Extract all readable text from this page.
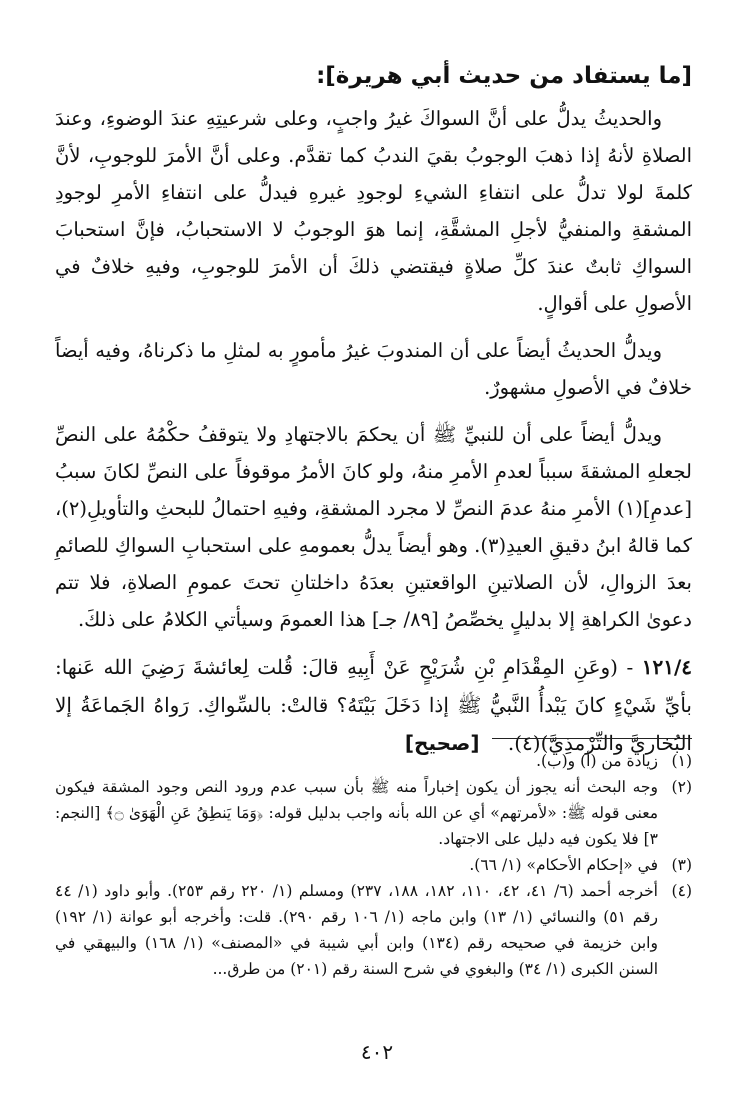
[ما يستفاد من حديث أبي هريرة]:

والحديثُ يدلُّ على أنَّ السواكَ غيرُ واجبٍ، وعلى شرعيتِهِ عندَ الوضوءِ، وعندَ الصلاةِ لأنهُ إذا ذهبَ الوجوبُ بقيَ الندبُ كما تقدَّم. وعلى أنَّ الأمرَ للوجوبِ، لأنَّ كلمةَ لولا تدلُّ على انتفاءِ الشيءِ لوجودِ غيرهِ فيدلُّ على انتفاءِ الأمرِ لوجودِ المشقةِ والمنفيُّ لأجلِ المشقَّةِ، إنما هوَ الوجوبُ لا الاستحبابُ، فإنَّ استحبابَ السواكِ ثابتٌ عندَ كلِّ صلاةٍ فيقتضي ذلكَ أن الأمرَ للوجوبِ، وفيهِ خلافٌ في الأصولِ على أقوالٍ.

ويدلُّ الحديثُ أيضاً على أن المندوبَ غيرُ مأمورٍ به لمثلِ ما ذكرناهُ، وفيه أيضاً خلافٌ في الأصولِ مشهورٌ.

ويدلُّ أيضاً على أن للنبيِّ ﷺ أن يحكمَ بالاجتهادِ ولا يتوقفُ حكْمُهُ على النصِّ لجعلهِ المشقةَ سبباً لعدمِ الأمرِ منهُ، ولو كانَ الأمرُ موقوفاً على النصِّ لكانَ سببُ [عدمِ](١) الأمرِ منهُ عدمَ النصِّ لا مجرد المشقةِ، وفيهِ احتمالُ للبحثِ والتأويلِ(٢)، كما قالهُ ابنُ دقيقِ العيدِ(٣). وهو أيضاً يدلُّ بعمومهِ على استحبابِ السواكِ للصائمِ بعدَ الزوالِ، لأن الصلاتينِ الواقعتينِ بعدَهُ داخلتانِ تحتَ عمومِ الصلاةِ، فلا تتم دعوىٰ الكراهةِ إلا بدليلٍ يخصِّصُ [٨٩/ جـ] هذا العمومَ وسيأتي الكلامُ على ذلكَ.

١٢١/٤ - (وعَنِ المِقْدَامِ بْنِ شُرَيْحٍ عَنْ أَبِيهِ قالَ: قُلت لِعائشةَ رَضِيَ الله عَنها: بأيِّ شَيْءٍ كانَ يَبْدأُ النَّبيُّ ﷺ إذا دَخَلَ بَيْتَهُ؟ قالتْ: بالسِّواكِ. رَواهُ الجَماعَةُ إلا البُخاريَّ والتِّرْمذِيَّ)(٤). [صحيح]

(١)
زيادة من (أ) و(ب).
(٢)
وجه البحث أنه يجوز أن يكون إخباراً منه ﷺ بأن سبب عدم ورود النص وجود المشقة فيكون معنى قوله ﷺ: «لأمرتهم» أي عن الله بأنه واجب بدليل قوله: ﴿وَمَا يَنطِقُ عَنِ الْهَوَىٰ ۝﴾ [النجم: ٣] فلا يكون فيه دليل على الاجتهاد.
(٣)
في «إحكام الأحكام» (١/ ٦٦).
(٤)
أخرجه أحمد (٦/ ٤١، ٤٢، ١١٠، ١٨٢، ١٨٨، ٢٣٧) ومسلم (١/ ٢٢٠ رقم ٢٥٣). وأبو داود (١/ ٤٤ رقم ٥١) والنسائي (١/ ١٣) وابن ماجه (١/ ١٠٦ رقم ٢٩٠). قلت: وأخرجه أبو عوانة (١/ ١٩٢) وابن خزيمة في صحيحه رقم (١٣٤) وابن أبي شيبة في «المصنف» (١/ ١٦٨) والبيهقي في السنن الكبرى (١/ ٣٤) والبغوي في شرح السنة رقم (٢٠١) من طرق...
٤٠٢
